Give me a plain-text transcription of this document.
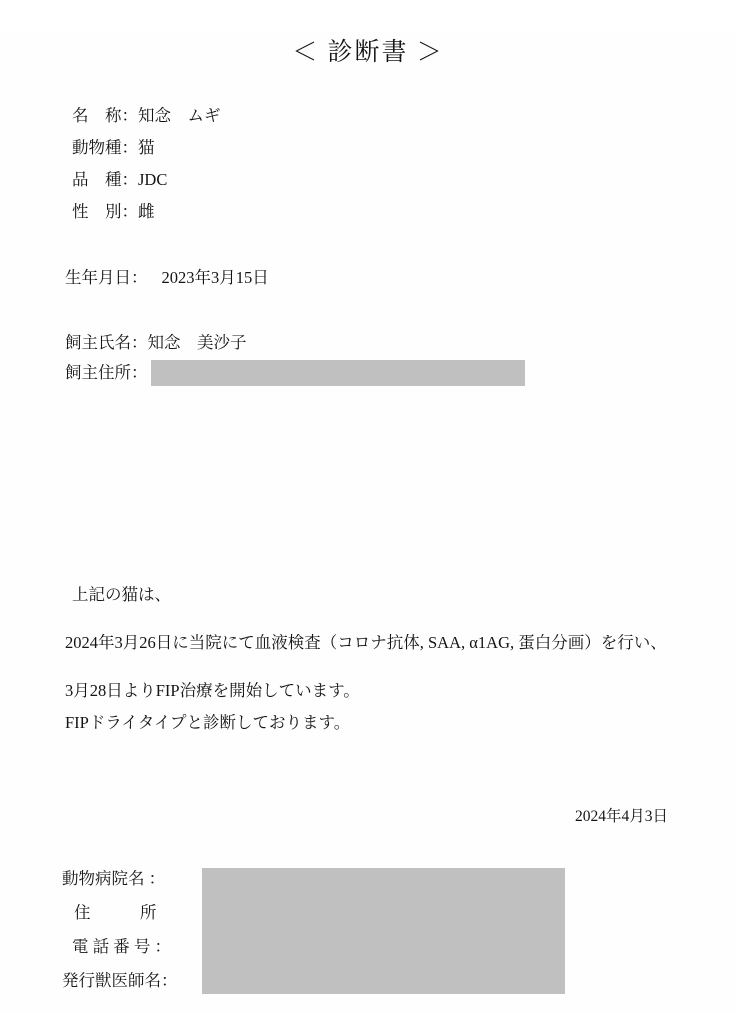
＜ 診断書 ＞
名　称：知念　ムギ
動物種：猫
品　種：JDC
性　別：雌
生年月日： 2023年3月15日
飼主氏名： 知念　美沙子
飼主住所：
上記の猫は、
2024年3月26日に当院にて血液検査（コロナ抗体, SAA, α1AG, 蛋白分画）を行い、
3月28日よりFIP治療を開始しています。
FIPドライタイプと診断しております。
2024年4月3日
動物病院名 ：
住　　　所
電 話 番 号 ：
発行獣医師名：
